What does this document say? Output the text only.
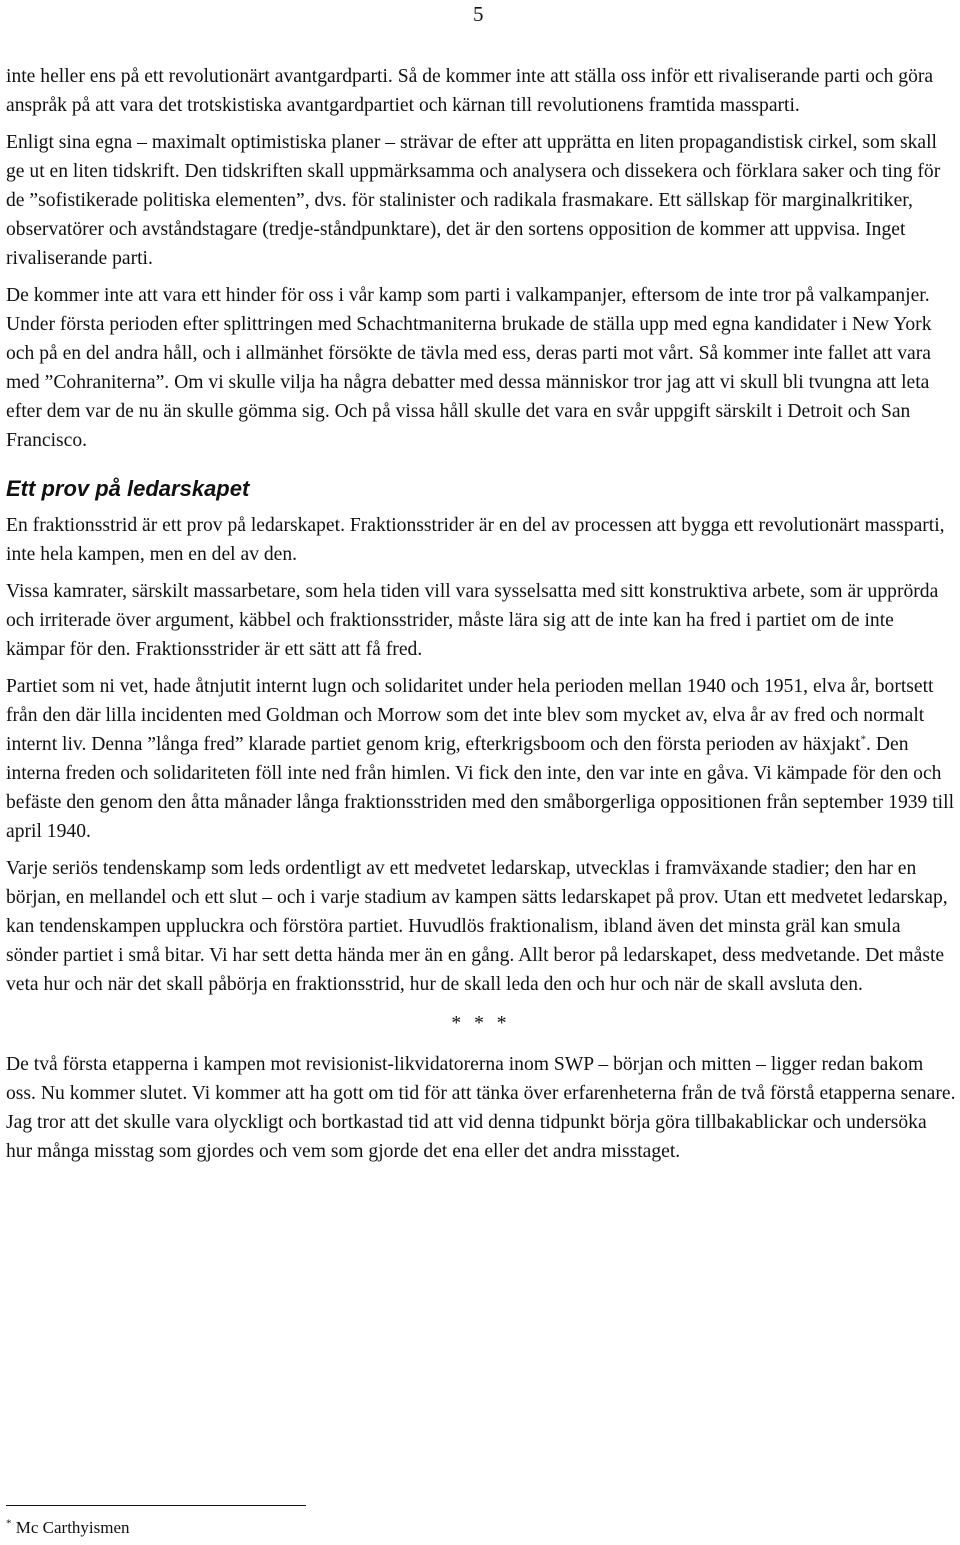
5

inte heller ens på ett revolutionärt avantgardparti. Så de kommer inte att ställa oss inför ett rivaliserande parti och göra anspråk på att vara det trotskistiska avantgardpartiet och kärnan till revolutionens framtida massparti.

Enligt sina egna – maximalt optimistiska planer – strävar de efter att upprätta en liten propagandistisk cirkel, som skall ge ut en liten tidskrift. Den tidskriften skall uppmärksamma och analysera och dissekera och förklara saker och ting för de ”sofistikerade politiska elementen”, dvs. för stalinister och radikala frasmakare. Ett sällskap för marginalkritiker, observatörer och avståndstagare (tredje-ståndpunktare), det är den sortens opposition de kommer att uppvisa. Inget rivaliserande parti.

De kommer inte att vara ett hinder för oss i vår kamp som parti i valkampanjer, eftersom de inte tror på valkampanjer. Under första perioden efter splittringen med Schachtmaniterna brukade de ställa upp med egna kandidater i New York och på en del andra håll, och i allmänhet försökte de tävla med ess, deras parti mot vårt. Så kommer inte fallet att vara med ”Cohraniterna”. Om vi skulle vilja ha några debatter med dessa människor tror jag att vi skull bli tvungna att leta efter dem var de nu än skulle gömma sig. Och på vissa håll skulle det vara en svår uppgift särskilt i Detroit och San Francisco.

Ett prov på ledarskapet

En fraktionsstrid är ett prov på ledarskapet. Fraktionsstrider är en del av processen att bygga ett revolutionärt massparti, inte hela kampen, men en del av den.

Vissa kamrater, särskilt massarbetare, som hela tiden vill vara sysselsatta med sitt konstruktiva arbete, som är upprörda och irriterade över argument, käbbel och fraktionsstrider, måste lära sig att de inte kan ha fred i partiet om de inte kämpar för den. Fraktionsstrider är ett sätt att få fred.

Partiet som ni vet, hade åtnjutit internt lugn och solidaritet under hela perioden mellan 1940 och 1951, elva år, bortsett från den där lilla incidenten med Goldman och Morrow som det inte blev som mycket av, elva år av fred och normalt internt liv. Denna ”långa fred” klarade partiet genom krig, efterkrigsboom och den första perioden av häxjakt*. Den interna freden och solidariteten föll inte ned från himlen. Vi fick den inte, den var inte en gåva. Vi kämpade för den och befäste den genom den åtta månader långa fraktionsstriden med den småborgerliga oppositionen från september 1939 till april 1940.

Varje seriös tendenskamp som leds ordentligt av ett medvetet ledarskap, utvecklas i framväxande stadier; den har en början, en mellandel och ett slut – och i varje stadium av kampen sätts ledarskapet på prov. Utan ett medvetet ledarskap, kan tendenskampen uppluckra och förstöra partiet. Huvudlös fraktionalism, ibland även det minsta gräl kan smula sönder partiet i små bitar. Vi har sett detta hända mer än en gång. Allt beror på ledarskapet, dess medvetande. Det måste veta hur och när det skall påbörja en fraktionsstrid, hur de skall leda den och hur och när de skall avsluta den.

* * *

De två första etapperna i kampen mot revisionist-likvidatorerna inom SWP – början och mitten – ligger redan bakom oss. Nu kommer slutet. Vi kommer att ha gott om tid för att tänka över erfarenheterna från de två förstå etapperna senare. Jag tror att det skulle vara olyckligt och bortkastad tid att vid denna tidpunkt börja göra tillbakablickar och undersöka hur många misstag som gjordes och vem som gjorde det ena eller det andra misstaget.

* Mc Carthyismen
